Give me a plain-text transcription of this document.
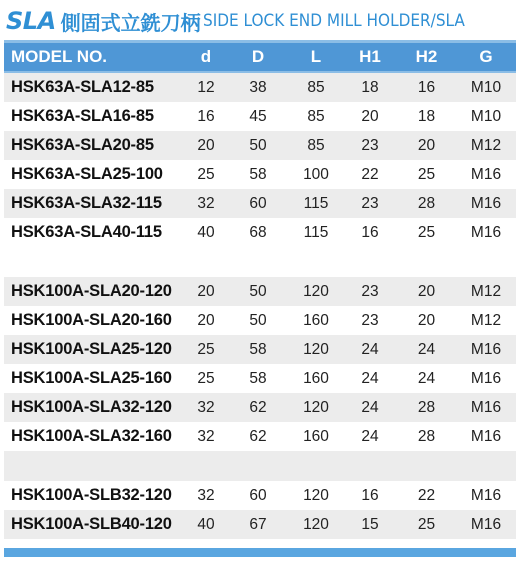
SLA 側固式立銑刀柄 SIDE LOCK END MILL HOLDER/SLA
MODEL NO.	d	D	L	H1	H2	G
HSK63A-SLA12-85	12	38	85	18	16	M10
HSK63A-SLA16-85	16	45	85	20	18	M10
HSK63A-SLA20-85	20	50	85	23	20	M12
HSK63A-SLA25-100	25	58	100	22	25	M16
HSK63A-SLA32-115	32	60	115	23	28	M16
HSK63A-SLA40-115	40	68	115	16	25	M16
HSK100A-SLA20-120	20	50	120	23	20	M12
HSK100A-SLA20-160	20	50	160	23	20	M12
HSK100A-SLA25-120	25	58	120	24	24	M16
HSK100A-SLA25-160	25	58	160	24	24	M16
HSK100A-SLA32-120	32	62	120	24	28	M16
HSK100A-SLA32-160	32	62	160	24	28	M16
HSK100A-SLB32-120	32	60	120	16	22	M16
HSK100A-SLB40-120	40	67	120	15	25	M16
